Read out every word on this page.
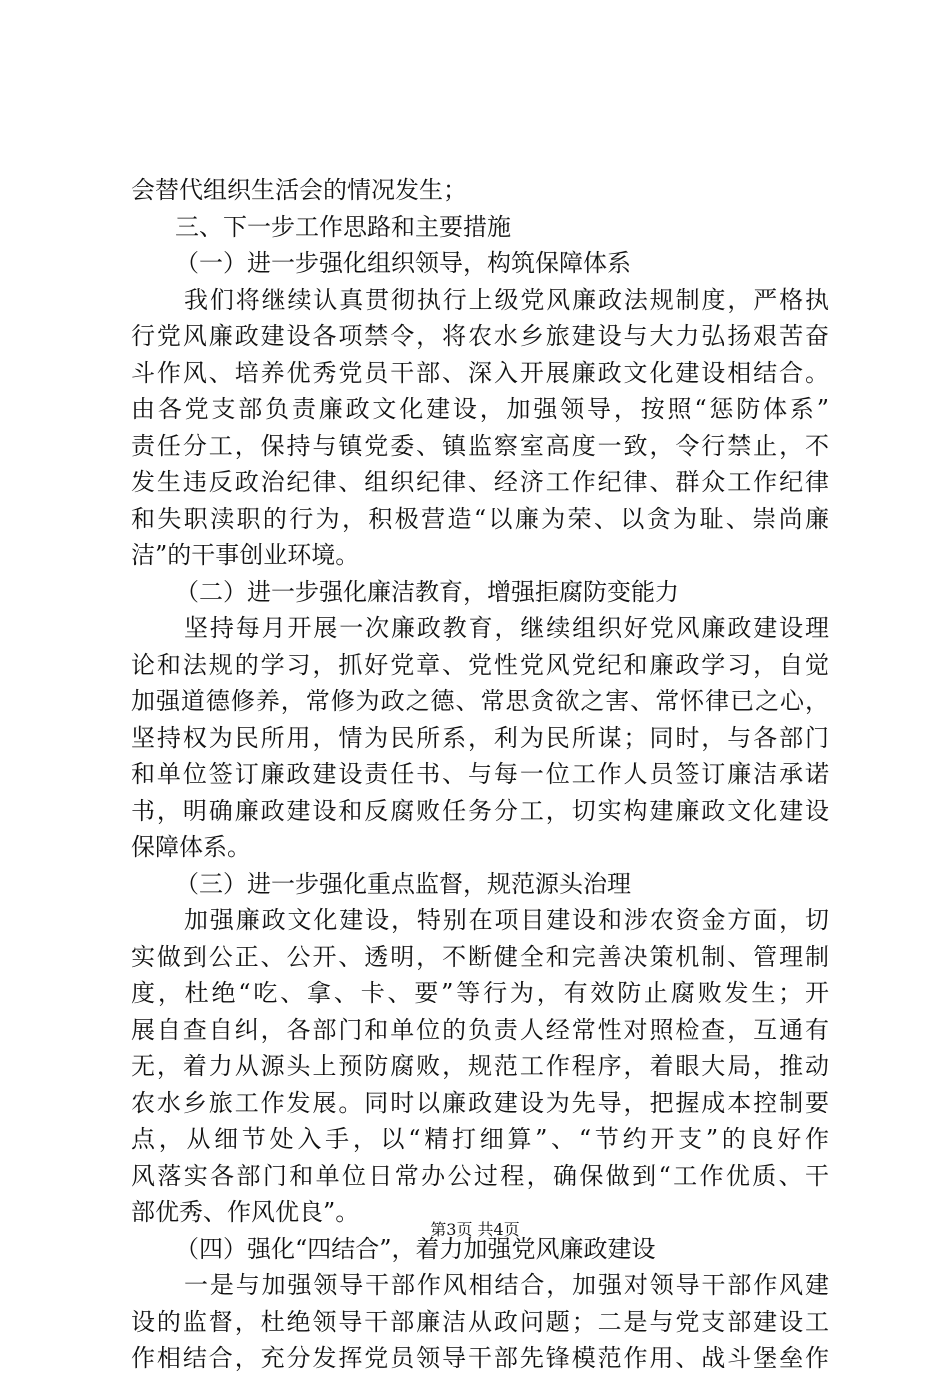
会替代组织生活会的情况发生；
三、下一步工作思路和主要措施
（一）进一步强化组织领导，构筑保障体系
我们将继续认真贯彻执行上级党风廉政法规制度，严格执
行党风廉政建设各项禁令，将农水乡旅建设与大力弘扬艰苦奋
斗作风、培养优秀党员干部、深入开展廉政文化建设相结合。
由各党支部负责廉政文化建设，加强领导，按照“惩防体系”
责任分工，保持与镇党委、镇监察室高度一致，令行禁止，不
发生违反政治纪律、组织纪律、经济工作纪律、群众工作纪律
和失职渎职的行为，积极营造“以廉为荣、以贪为耻、崇尚廉
洁”的干事创业环境。
（二）进一步强化廉洁教育，增强拒腐防变能力
坚持每月开展一次廉政教育，继续组织好党风廉政建设理
论和法规的学习，抓好党章、党性党风党纪和廉政学习，自觉
加强道德修养，常修为政之德、常思贪欲之害、常怀律已之心，
坚持权为民所用，情为民所系，利为民所谋；同时，与各部门
和单位签订廉政建设责任书、与每一位工作人员签订廉洁承诺
书，明确廉政建设和反腐败任务分工，切实构建廉政文化建设
保障体系。
（三）进一步强化重点监督，规范源头治理
加强廉政文化建设，特别在项目建设和涉农资金方面，切
实做到公正、公开、透明，不断健全和完善决策机制、管理制
度，杜绝“吃、拿、卡、要”等行为，有效防止腐败发生；开
展自查自纠，各部门和单位的负责人经常性对照检查，互通有
无，着力从源头上预防腐败，规范工作程序，着眼大局，推动
农水乡旅工作发展。同时以廉政建设为先导，把握成本控制要
点，从细节处入手，以“精打细算”、“节约开支”的良好作
风落实各部门和单位日常办公过程，确保做到“工作优质、干
部优秀、作风优良”。
（四）强化“四结合”，着力加强党风廉政建设
一是与加强领导干部作风相结合，加强对领导干部作风建
设的监督，杜绝领导干部廉洁从政问题；二是与党支部建设工
作相结合，充分发挥党员领导干部先锋模范作用、战斗堡垒作
第3页 共4页
